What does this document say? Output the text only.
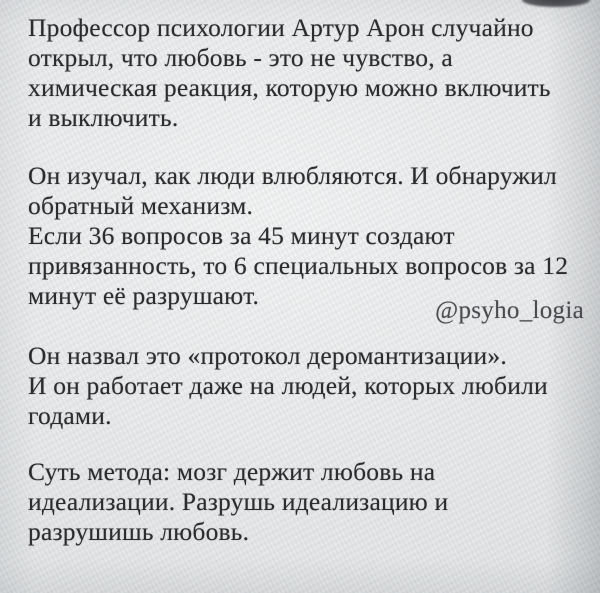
Профессор психологии Артур Арон случайно
открыл, что любовь - это не чувство, а
химическая реакция, которую можно включить
и выключить.
Он изучал, как люди влюбляются. И обнаружил
обратный механизм.
Если 36 вопросов за 45 минут создают
привязанность, то 6 специальных вопросов за 12
минут её разрушают.
Он назвал это «протокол деромантизации».
И он работает даже на людей, которых любили
годами.
Суть метода: мозг держит любовь на
идеализации. Разрушь идеализацию и
разрушишь любовь.
@psyho_logia
